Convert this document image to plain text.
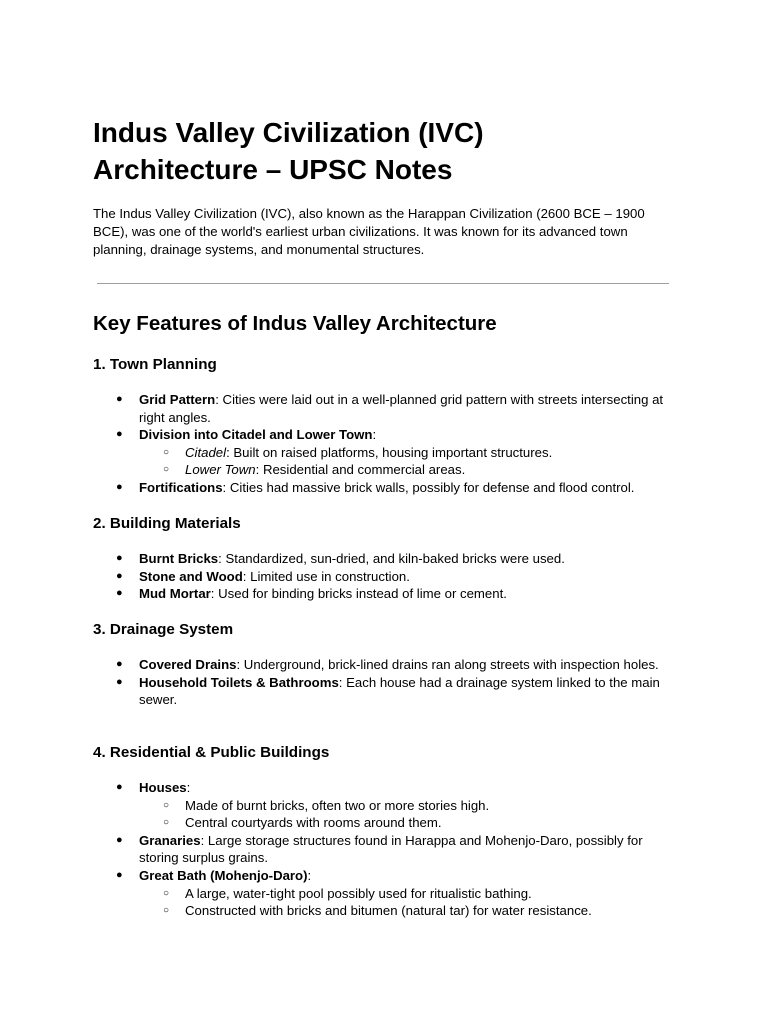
Indus Valley Civilization (IVC)
Architecture – UPSC Notes

The Indus Valley Civilization (IVC), also known as the Harappan Civilization (2600 BCE – 1900 BCE), was one of the world's earliest urban civilizations. It was known for its advanced town planning, drainage systems, and monumental structures.

Key Features of Indus Valley Architecture
1. Town Planning
● Grid Pattern: Cities were laid out in a well-planned grid pattern with streets intersecting at right angles.
● Division into Citadel and Lower Town:
○ Citadel: Built on raised platforms, housing important structures.
○ Lower Town: Residential and commercial areas.
● Fortifications: Cities had massive brick walls, possibly for defense and flood control.
2. Building Materials
● Burnt Bricks: Standardized, sun-dried, and kiln-baked bricks were used.
● Stone and Wood: Limited use in construction.
● Mud Mortar: Used for binding bricks instead of lime or cement.
3. Drainage System
● Covered Drains: Underground, brick-lined drains ran along streets with inspection holes.
● Household Toilets & Bathrooms: Each house had a drainage system linked to the main sewer.
4. Residential & Public Buildings
● Houses:
○ Made of burnt bricks, often two or more stories high.
○ Central courtyards with rooms around them.
● Granaries: Large storage structures found in Harappa and Mohenjo-Daro, possibly for storing surplus grains.
● Great Bath (Mohenjo-Daro):
○ A large, water-tight pool possibly used for ritualistic bathing.
○ Constructed with bricks and bitumen (natural tar) for water resistance.
